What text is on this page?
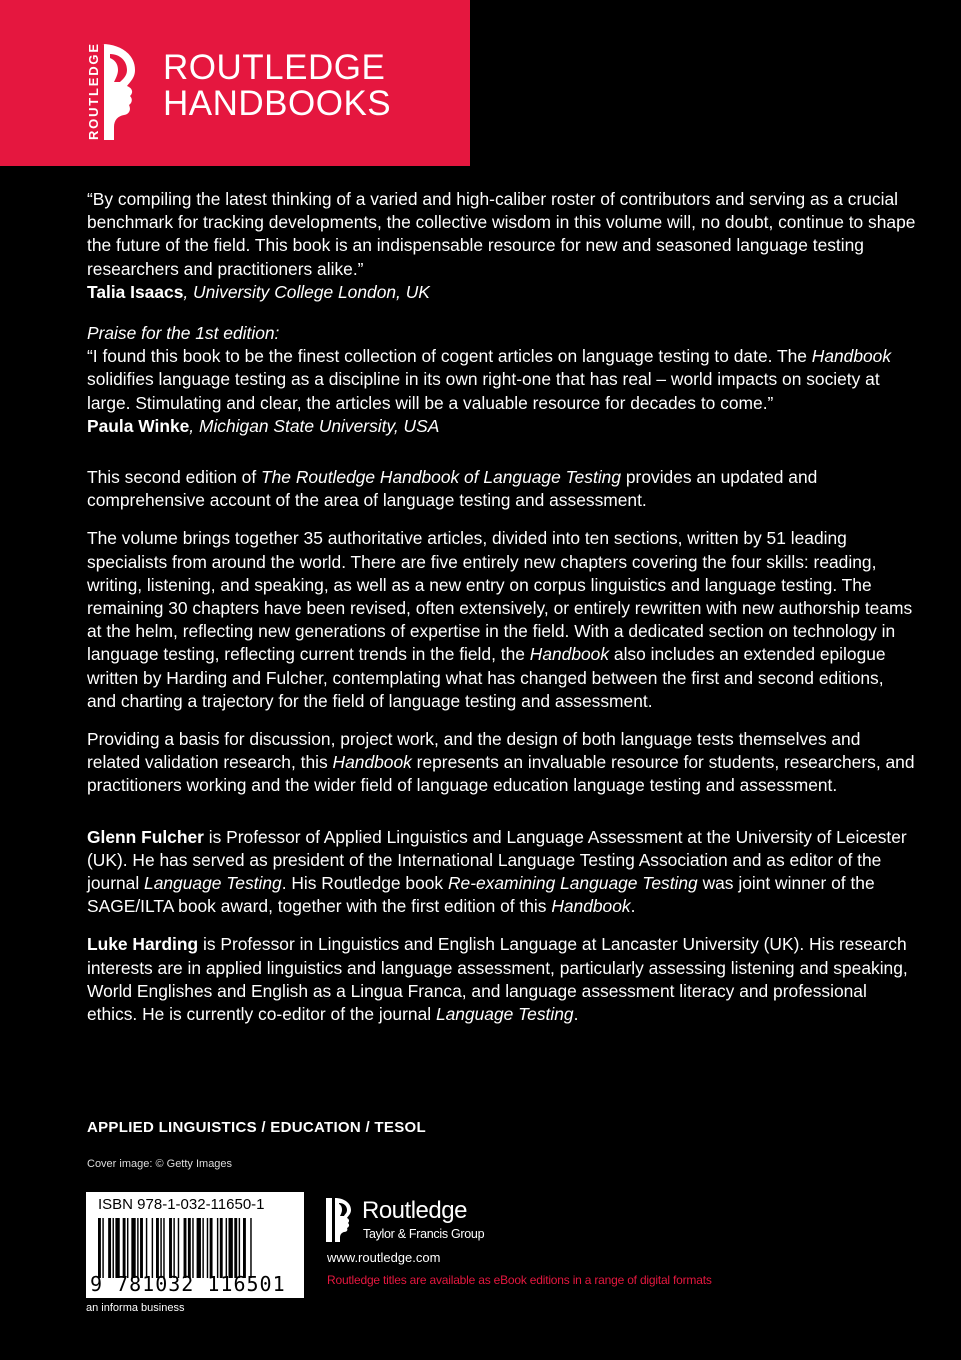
ROUTLEDGE ROUTLEDGE
HANDBOOKS

“By compiling the latest thinking of a varied and high-caliber roster of contributors and serving as a crucial benchmark for tracking developments, the collective wisdom in this volume will, no doubt, continue to shape the future of the field. This book is an indispensable resource for new and seasoned language testing researchers and practitioners alike.”

Talia Isaacs, University College London, UK

Praise for the 1st edition:

“I found this book to be the finest collection of cogent articles on language testing to date. The Handbook solidifies language testing as a discipline in its own right-one that has real – world impacts on society at large. Stimulating and clear, the articles will be a valuable resource for decades to come.”

Paula Winke, Michigan State University, USA

This second edition of The Routledge Handbook of Language Testing provides an updated and comprehensive account of the area of language testing and assessment.

The volume brings together 35 authoritative articles, divided into ten sections, written by 51 leading specialists from around the world. There are five entirely new chapters covering the four skills: reading, writing, listening, and speaking, as well as a new entry on corpus linguistics and language testing. The remaining 30 chapters have been revised, often extensively, or entirely rewritten with new authorship teams at the helm, reflecting new generations of expertise in the field. With a dedicated section on technology in language testing, reflecting current trends in the field, the Handbook also includes an extended epilogue written by Harding and Fulcher, contemplating what has changed between the first and second editions, and charting a trajectory for the field of language testing and assessment.

Providing a basis for discussion, project work, and the design of both language tests themselves and related validation research, this Handbook represents an invaluable resource for students, researchers, and practitioners working and the wider field of language education language testing and assessment.

Glenn Fulcher is Professor of Applied Linguistics and Language Assessment at the University of Leicester (UK). He has served as president of the International Language Testing Association and as editor of the journal Language Testing. His Routledge book Re-examining Language Testing was joint winner of the SAGE/ILTA book award, together with the first edition of this Handbook.

Luke Harding is Professor in Linguistics and English Language at Lancaster University (UK). His research interests are in applied linguistics and language assessment, particularly assessing listening and speaking, World Englishes and English as a Lingua Franca, and language assessment literacy and professional ethics. He is currently co-editor of the journal Language Testing.

APPLIED LINGUISTICS / EDUCATION / TESOL
Cover image: © Getty Images
ISBN 978-1-032-11650-1
9 781032 116501
an informa business
Routledge
Taylor & Francis Group
www.routledge.com
Routledge titles are available as eBook editions in a range of digital formats
